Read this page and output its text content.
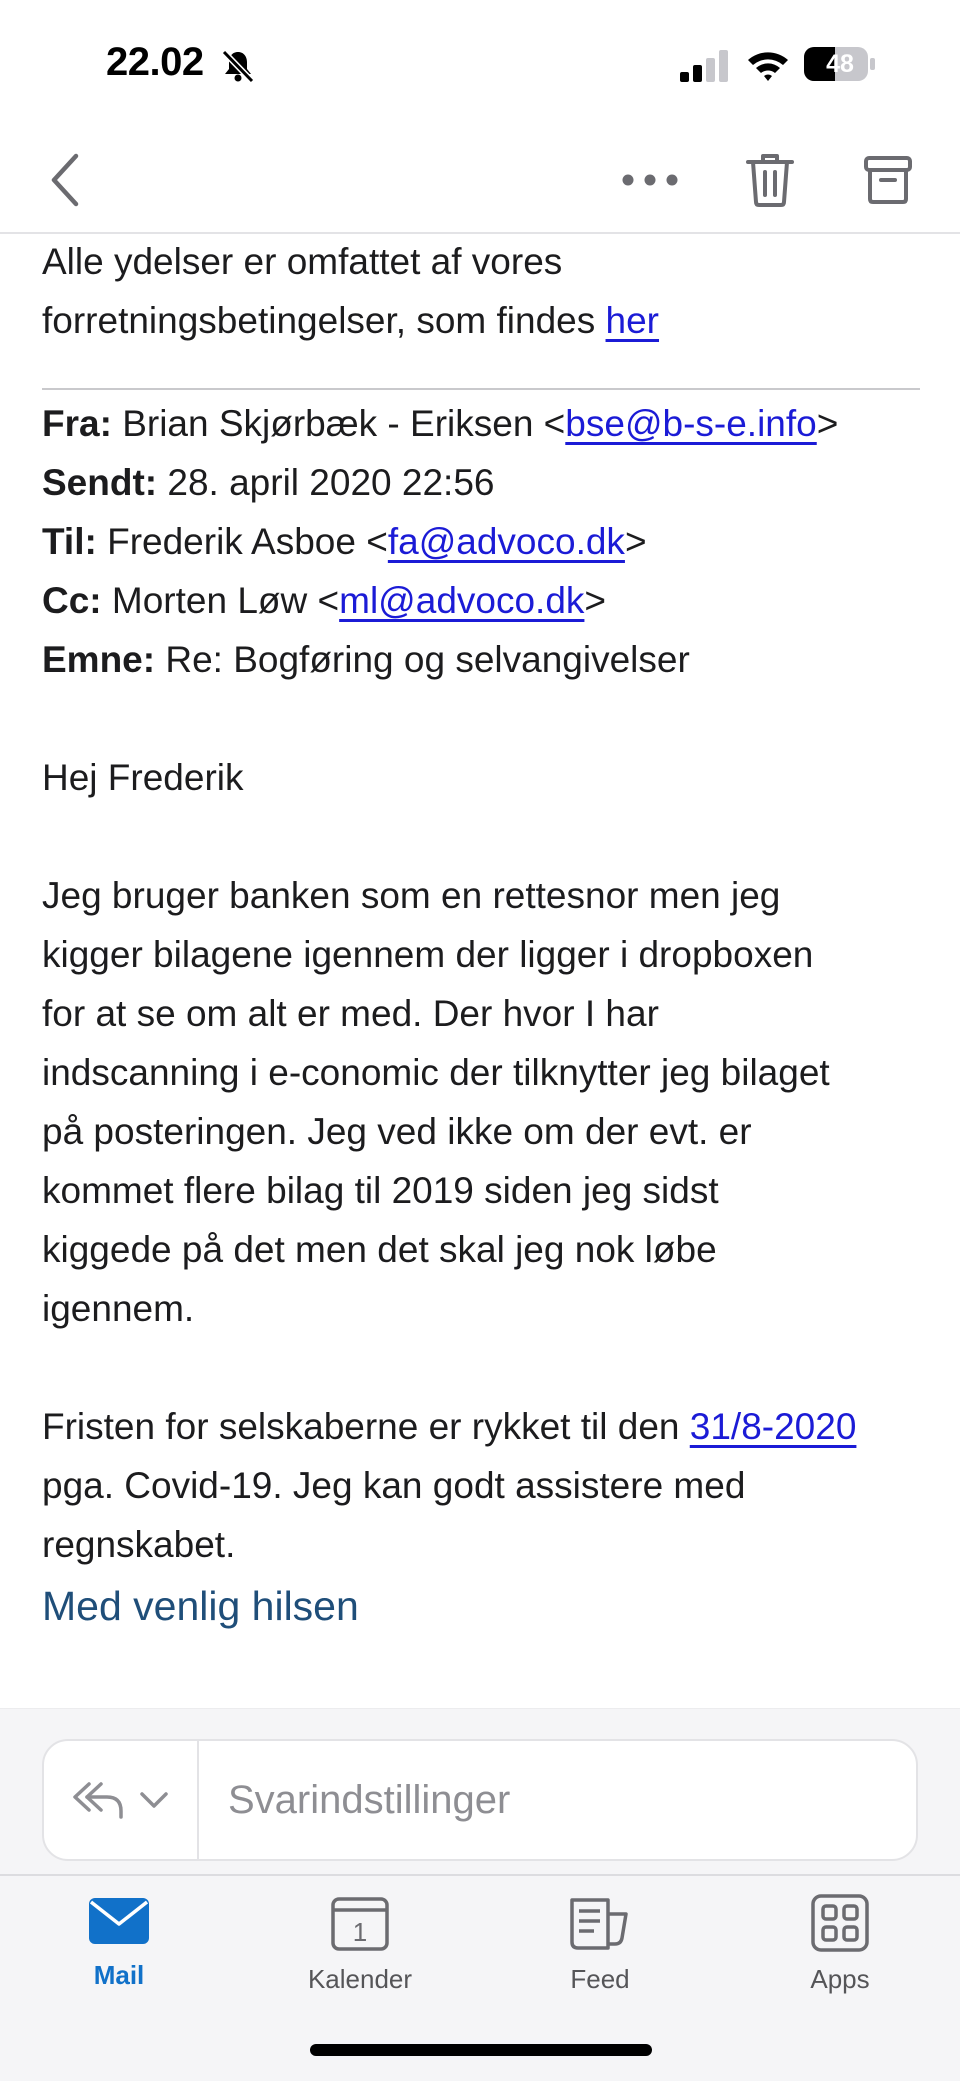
22.02	48

Alle ydelser er omfattet af vores

forretningsbetingelser, som findes her

Fra: Brian Skjørbæk - Eriksen <bse@b-s-e.info>

Sendt: 28. april 2020 22:56

Til: Frederik Asboe <fa@advoco.dk>

Cc: Morten Løw <ml@advoco.dk>

Emne: Re: Bogføring og selvangivelser

Hej Frederik

Jeg bruger banken som en rettesnor men jeg

kigger bilagene igennem der ligger i dropboxen

for at se om alt er med. Der hvor I har

indscanning i e-conomic der tilknytter jeg bilaget

på posteringen. Jeg ved ikke om der evt. er

kommet flere bilag til 2019 siden jeg sidst

kiggede på det men det skal jeg nok løbe

igennem.

Fristen for selskaberne er rykket til den 31/8-2020

pga. Covid-19. Jeg kan godt assistere med

regnskabet.

Med venlig hilsen

Svarindstillinger
Mail
1
Kalender	Feed	Apps
